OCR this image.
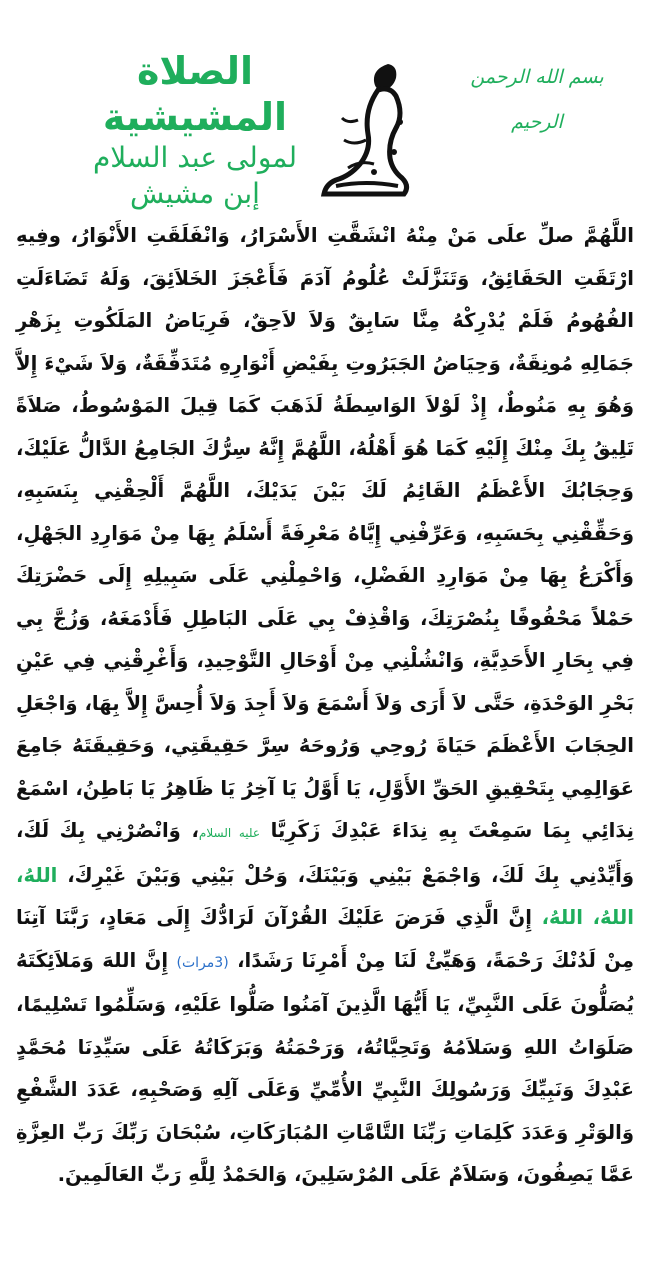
الصلاة المشيشية

لمولى عبد السلام

إبن مشيش

بسم الله الرحمن الرحيم

اللَّهُمَّ صلِّ علَى مَنْ مِنْهُ انْشَقَّتِ الأَسْرَارُ، وَانْفَلَقَتِ الأَنْوَارُ، وفِيهِ ارْتَقَتِ الحَقَائِقُ، وَتَنَزَّلَتْ عُلُومُ آدَمَ فَأَعْجَزَ الخَلاَئِقَ، وَلَهُ تَضَاءَلَتِ الفُهُومُ فَلَمْ يُدْرِكْهُ مِنَّا سَابِقٌ وَلاَ لاَحِقٌ، فَرِيَاضُ المَلَكُوتِ بِزَهْرِ جَمَالِهِ مُونِقَةٌ، وَحِيَاضُ الجَبَرُوتِ بِفَيْضِ أَنْوَارِهِ مُتَدَفِّقَةٌ، وَلاَ شَيْءَ إِلاَّ وَهُوَ بِهِ مَنُوطٌ، إِذْ لَوْلاَ الوَاسِطَةُ لَذَهَبَ كَمَا قِيلَ المَوْسُوطُ، صَلاَةً تَلِيقُ بِكَ مِنْكَ إِلَيْهِ كَمَا هُوَ أَهْلُهُ، اللَّهُمَّ إِنَّهُ سِرُّكَ الجَامِعُ الدَّالُّ عَلَيْكَ، وَحِجَابُكَ الأَعْظَمُ القَائِمُ لَكَ بَيْنَ يَدَيْكَ، اللَّهُمَّ أَلْحِقْنِي بِنَسَبِهِ، وَحَقِّقْنِي بِحَسَبِهِ، وَعَرِّفْنِي إِيَّاهُ مَعْرِفَةً أَسْلَمُ بِهَا مِنْ مَوَارِدِ الجَهْلِ، وَأَكْرَعُ بِهَا مِنْ مَوَارِدِ الفَضْلِ، وَاحْمِلْنِي عَلَى سَبِيلِهِ إِلَى حَضْرَتِكَ حَمْلاً مَحْفُوفًا بِنُصْرَتِكَ، وَاقْذِفْ بِي عَلَى البَاطِلِ فَأَدْمَغَهُ، وَزُجَّ بِي فِي بِحَارِ الأَحَدِيَّةِ، وَانْشُلْنِي مِنْ أَوْحَالِ التَّوْحِيدِ، وَأَغْرِقْنِي فِي عَيْنِ بَحْرِ الوَحْدَةِ، حَتَّى لاَ أَرَى وَلاَ أَسْمَعَ وَلاَ أَجِدَ وَلاَ أُحِسَّ إِلاَّ بِهَا، وَاجْعَلِ الحِجَابَ الأَعْظَمَ حَيَاةَ رُوحِي وَرُوحَهُ سِرَّ حَقِيقَتِي، وَحَقِيقَتَهُ جَامِعَ عَوَالِمِي بِتَحْقِيقِ الحَقِّ الأَوَّلِ، يَا أَوَّلُ يَا آخِرُ يَا ظَاهِرُ يَا بَاطِنُ، اسْمَعْ نِدَائِي بِمَا سَمِعْتَ بِهِ نِدَاءَ عَبْدِكَ زَكَرِيَّا عليه السلام، وَانْصُرْنِي بِكَ لَكَ، وَأَيِّدْنِي بِكَ لَكَ، وَاجْمَعْ بَيْنِي وَبَيْنَكَ، وَحُلْ بَيْنِي وَبَيْنَ غَيْرِكَ، اللهُ، اللهُ، اللهُ، إِنَّ الَّذِي فَرَضَ عَلَيْكَ القُرْآنَ لَرَادُّكَ إِلَى مَعَادٍ، رَبَّنَا آتِنَا مِنْ لَدُنْكَ رَحْمَةً، وَهَيِّئْ لَنَا مِنْ أَمْرِنَا رَشَدًا، (3مرات) إِنَّ اللهَ وَمَلاَئِكَتَهُ يُصَلُّونَ عَلَى النَّبِيِّ، يَا أَيُّهَا الَّذِينَ آمَنُوا صَلُّوا عَلَيْهِ، وَسَلِّمُوا تَسْلِيمًا، صَلَوَاتُ اللهِ وَسَلاَمُهُ وَتَحِيَّاتُهُ، وَرَحْمَتُهُ وَبَرَكَاتُهُ عَلَى سَيِّدِنَا مُحَمَّدٍ عَبْدِكَ وَنَبِيِّكَ وَرَسُولِكَ النَّبِيِّ الأُمِّيِّ وَعَلَى آلِهِ وَصَحْبِهِ، عَدَدَ الشَّفْعِ وَالوَتْرِ وَعَدَدَ كَلِمَاتِ رَبِّنَا التَّامَّاتِ المُبَارَكَاتِ، سُبْحَانَ رَبِّكَ رَبِّ العِزَّةِ عَمَّا يَصِفُونَ، وَسَلاَمٌ عَلَى المُرْسَلِينَ، وَالحَمْدُ لِلَّهِ رَبِّ العَالَمِينَ.
